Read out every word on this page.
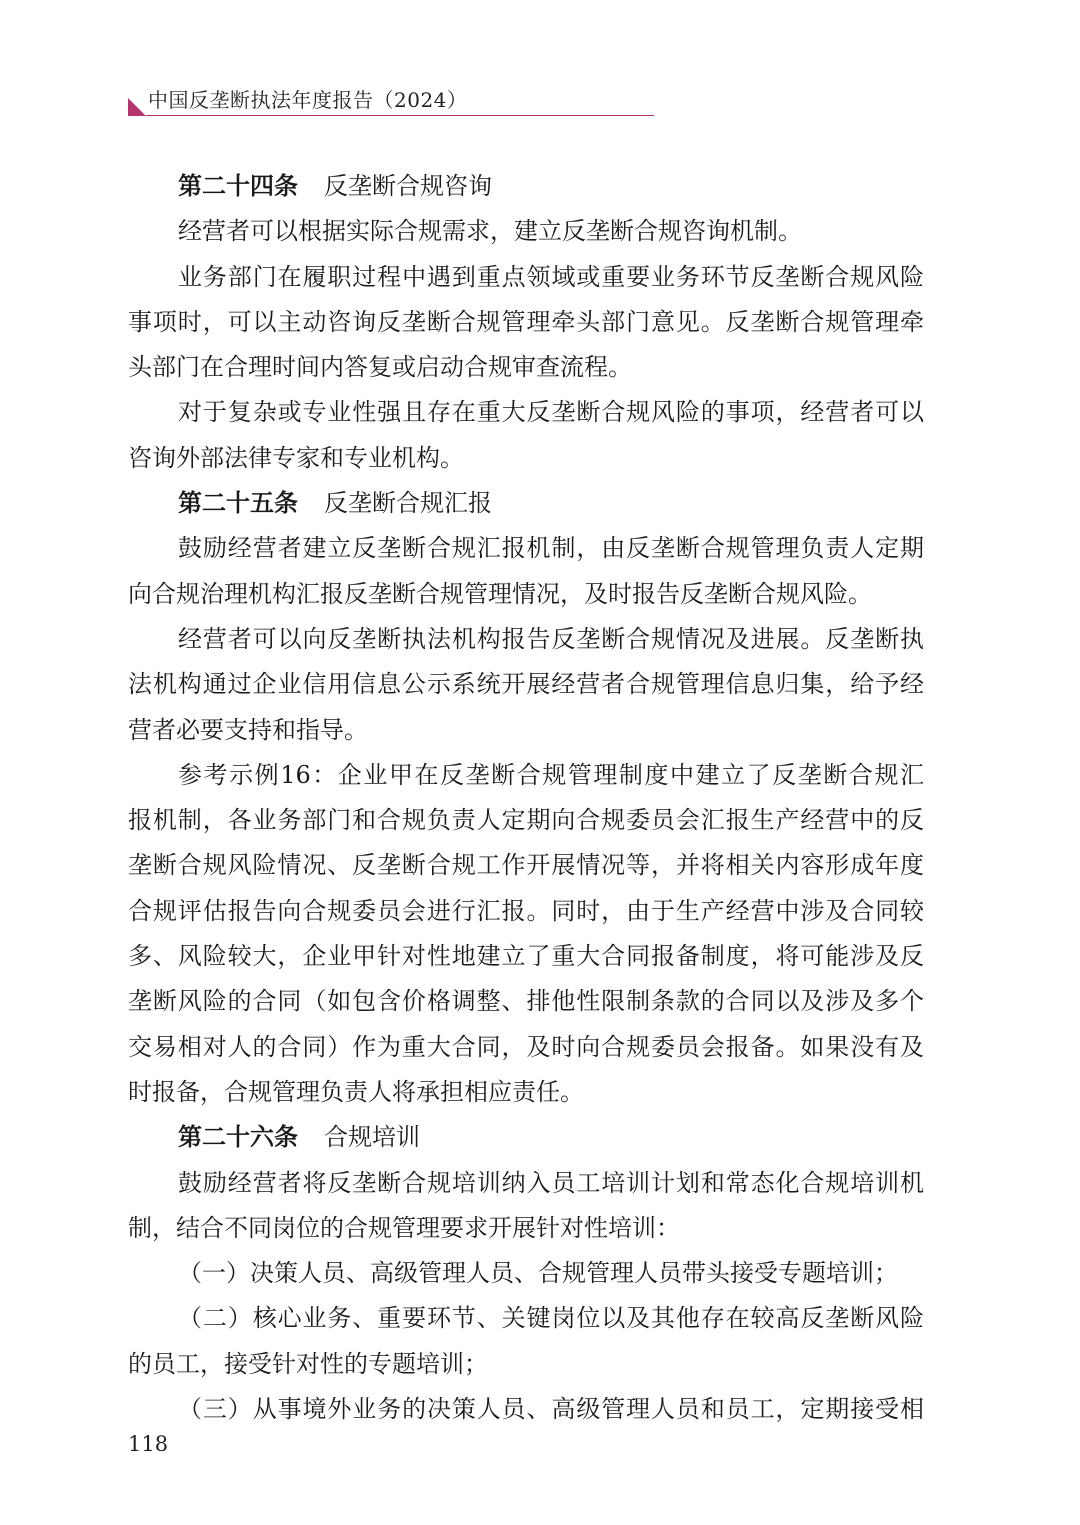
中国反垄断执法年度报告（2024）
第二十四条 反垄断合规咨询
经营者可以根据实际合规需求，建立反垄断合规咨询机制。
业务部门在履职过程中遇到重点领域或重要业务环节反垄断合规风险
事项时，可以主动咨询反垄断合规管理牵头部门意见。反垄断合规管理牵
头部门在合理时间内答复或启动合规审查流程。
对于复杂或专业性强且存在重大反垄断合规风险的事项，经营者可以
咨询外部法律专家和专业机构。
第二十五条 反垄断合规汇报
鼓励经营者建立反垄断合规汇报机制，由反垄断合规管理负责人定期
向合规治理机构汇报反垄断合规管理情况，及时报告反垄断合规风险。
经营者可以向反垄断执法机构报告反垄断合规情况及进展。反垄断执
法机构通过企业信用信息公示系统开展经营者合规管理信息归集，给予经
营者必要支持和指导。
参考示例16：企业甲在反垄断合规管理制度中建立了反垄断合规汇
报机制，各业务部门和合规负责人定期向合规委员会汇报生产经营中的反
垄断合规风险情况、反垄断合规工作开展情况等，并将相关内容形成年度
合规评估报告向合规委员会进行汇报。同时，由于生产经营中涉及合同较
多、风险较大，企业甲针对性地建立了重大合同报备制度，将可能涉及反
垄断风险的合同（如包含价格调整、排他性限制条款的合同以及涉及多个
交易相对人的合同）作为重大合同，及时向合规委员会报备。如果没有及
时报备，合规管理负责人将承担相应责任。
第二十六条 合规培训
鼓励经营者将反垄断合规培训纳入员工培训计划和常态化合规培训机
制，结合不同岗位的合规管理要求开展针对性培训：
（一）决策人员、高级管理人员、合规管理人员带头接受专题培训；
（二）核心业务、重要环节、关键岗位以及其他存在较高反垄断风险
的员工，接受针对性的专题培训；
（三）从事境外业务的决策人员、高级管理人员和员工，定期接受相
118
